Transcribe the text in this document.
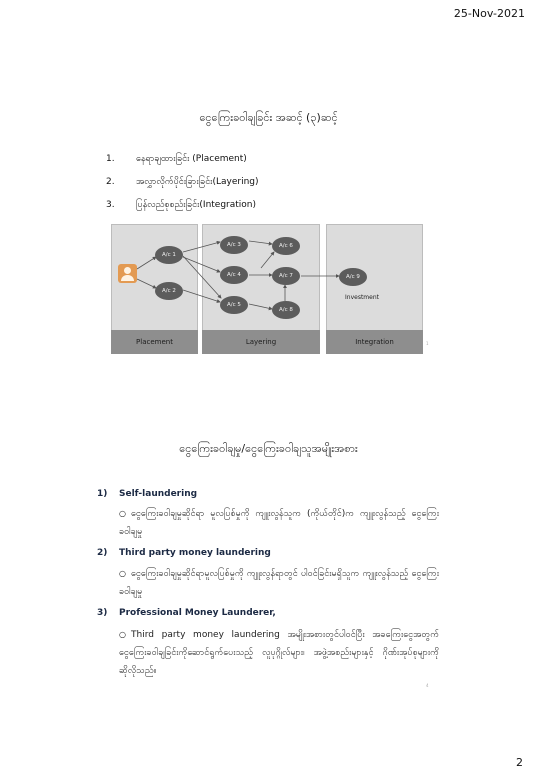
25-Nov-2021
ငွေကြေးခဝါချခြင်း အဆင့် (၃)ဆင့်
1.	နေရာချထားခြင်း (Placement)
2.	အလွှာလိုက်ပိုင်းခြားခြင်း(Layering)
3.	ပြန်လည်စုစည်းခြင်း(Integration)
A/c 1
A/c 2
A/c 3
A/c 4
A/c 5
A/c 6
A/c 7
A/c 8
A/c 9
Investment
Placement	Layering	Integration	1
ငွေကြေးခဝါချမှု/ငွေကြေးခဝါချသူအမျိုးအစား
1) Self-laundering
○ ငွေကြေးခဝါချမှုဆိုင်ရာ မူလပြစ်မှုကို ကျူးလွန်သူက (ကိုယ်တိုင်)က ကျူးလွန်သည့် ငွေကြေးခဝါချမှု
2) Third party money laundering
○ ငွေကြေးခဝါချမှုဆိုင်ရာမူလပြစ်မှုကို ကျူးလွန်ရာတွင် ပါဝင်ခြင်းမရှိသူက ကျူးလွန်သည့် ငွေကြေးခဝါချမှု
3) Professional Money Launderer,
○ Third party money laundering အမျိုးအစားတွင်ပါဝင်ပြီး အခကြေးငွေအတွက် ငွေကြေးခဝါချခြင်းကိုဆောင်ရွက်ပေးသည့် လူပုဂ္ဂိုလ်များ၊ အဖွဲ့အစည်းများနှင့် ဂိုဏ်းအုပ်စုများကိုဆိုလိုသည်။
4
2
